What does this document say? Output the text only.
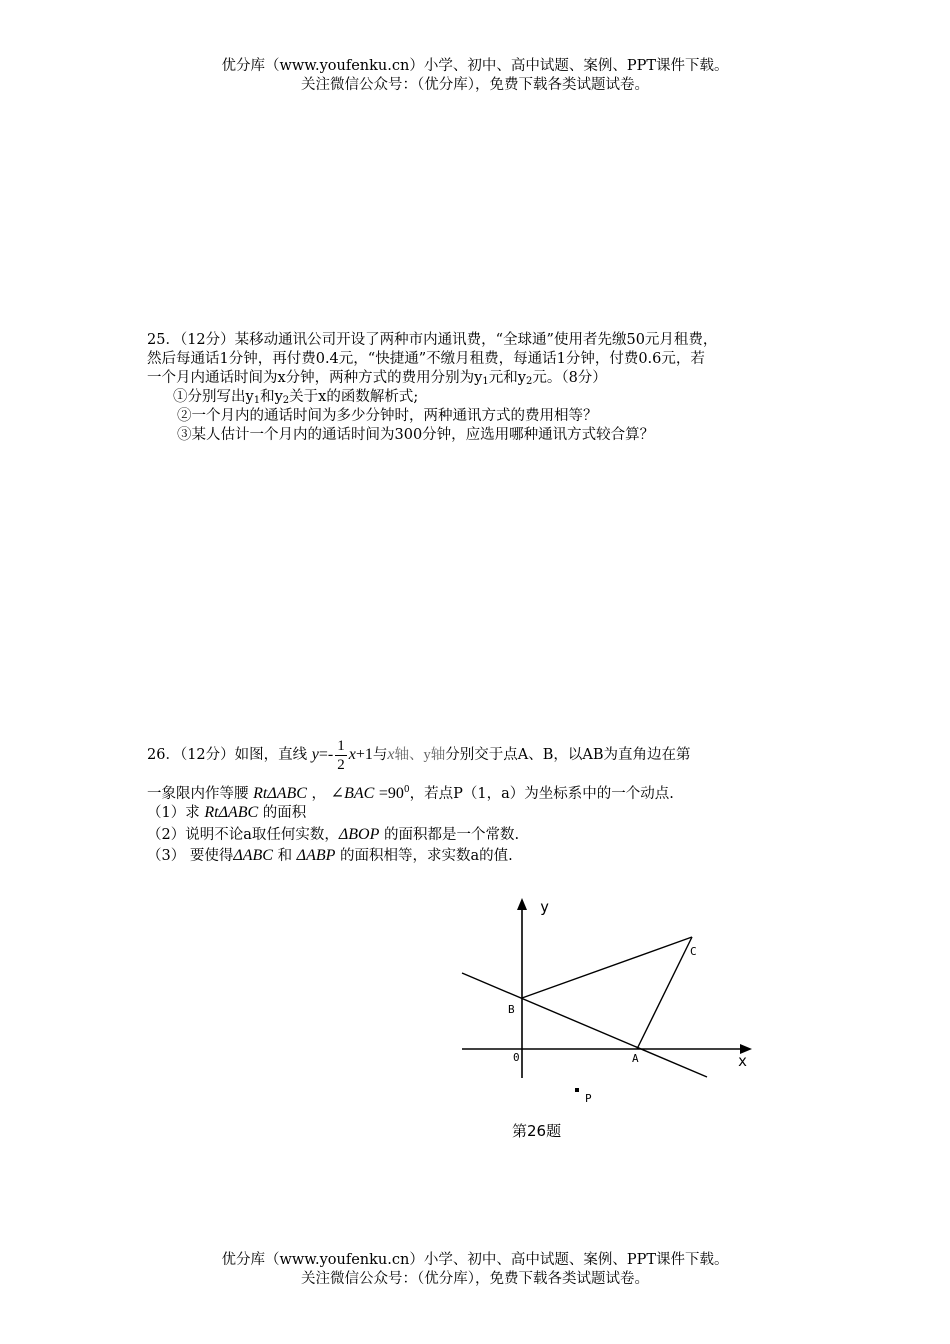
优分库（www.youfenku.cn）小学、初中、高中试题、案例、PPT课件下载。
关注微信公众号：（优分库），免费下载各类试题试卷。
25．（12分）某移动通讯公司开设了两种市内通讯费，“全球通”使用者先缴50元月租费，
然后每通话1分钟，再付费0.4元，“快捷通”不缴月租费，每通话1分钟，付费0.6元，若
一个月内通话时间为x分钟，两种方式的费用分别为$y_1$元和$y_2$元。（8分）
①分别写出$y_1$和$y_2$关于x的函数解析式;
②一个月内的通话时间为多少分钟时，两种通讯方式的费用相等？
③某人估计一个月内的通话时间为300分钟，应选用哪种通讯方式较合算？
26．（12分）如图，直线 $y=- \frac{1}{2} x+1$与x轴、y轴分别交于点A、B，以AB为直角边在第
一象限内作等腰 RtΔABC ， ∠BAC $=90^0$，若点P（1，a）为坐标系中的一个动点.
（1）求 RtΔABC 的面积
（2）说明不论a取任何实数，ΔBOP 的面积都是一个常数.
（3） 要使得ΔABC 和 ΔABP 的面积相等，求实数a的值.
y
x
0	A
B
C
P
第26题
优分库（www.youfenku.cn）小学、初中、高中试题、案例、PPT课件下载。
关注微信公众号：（优分库），免费下载各类试题试卷。
